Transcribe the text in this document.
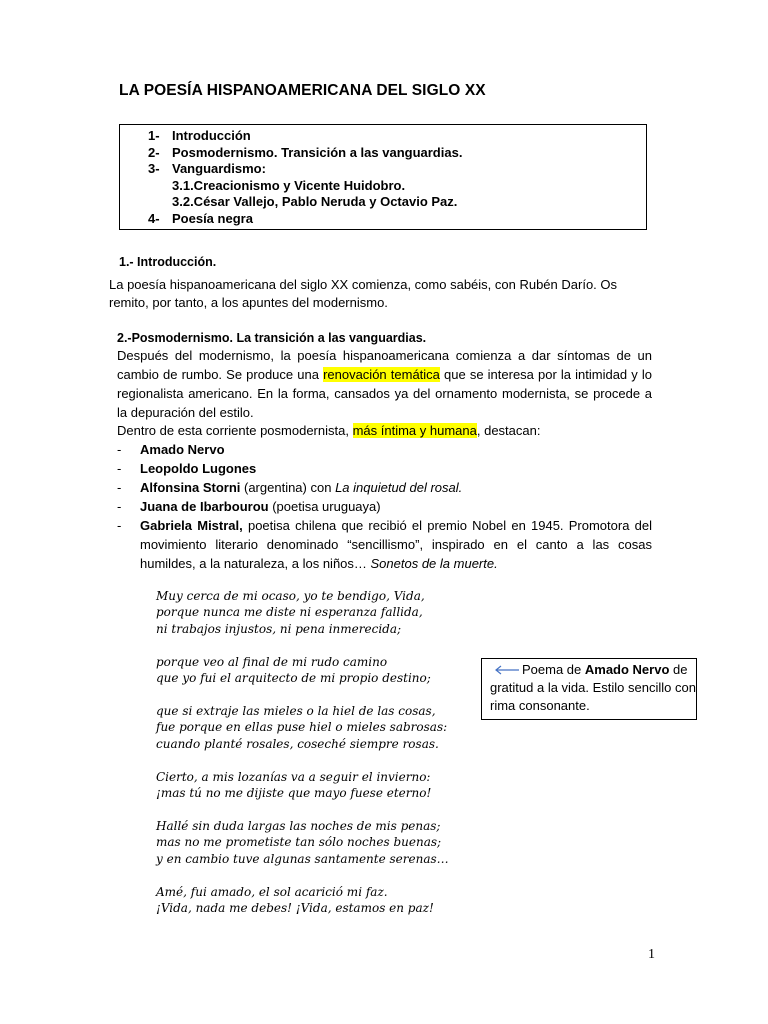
LA POESÍA HISPANOAMERICANA DEL SIGLO XX
1- Introducción
2- Posmodernismo. Transición a las vanguardias.
3- Vanguardismo:
3.1.Creacionismo y Vicente Huidobro.
3.2.César Vallejo, Pablo Neruda y Octavio Paz.
4- Poesía negra
1.- Introducción.
La poesía hispanoamericana del siglo XX comienza, como sabéis, con Rubén Darío. Os remito, por tanto, a los apuntes del modernismo.
2.-Posmodernismo. La transición a las vanguardias.
Después del modernismo, la poesía hispanoamericana comienza a dar síntomas de un cambio de rumbo. Se produce una renovación temática que se interesa por la intimidad y lo regionalista americano. En la forma, cansados ya del ornamento modernista, se procede a la depuración del estilo.
Dentro de esta corriente posmodernista, más íntima y humana, destacan:
- Amado Nervo
- Leopoldo Lugones
- Alfonsina Storni (argentina) con La inquietud del rosal.
- Juana de Ibarbourou (poetisa uruguaya)
- Gabriela Mistral, poetisa chilena que recibió el premio Nobel en 1945. Promotora del movimiento literario denominado “sencillismo”, inspirado en el canto a las cosas humildes, a la naturaleza, a los niños… Sonetos de la muerte.
Muy cerca de mi ocaso, yo te bendigo, Vida,
porque nunca me diste ni esperanza fallida,
ni trabajos injustos, ni pena inmerecida;
porque veo al final de mi rudo camino
que yo fui el arquitecto de mi propio destino;
que si extraje las mieles o la hiel de las cosas,
fue porque en ellas puse hiel o mieles sabrosas:
cuando planté rosales, coseché siempre rosas.
Cierto, a mis lozanías va a seguir el invierno:
¡mas tú no me dijiste que mayo fuese eterno!
Hallé sin duda largas las noches de mis penas;
mas no me prometiste tan sólo noches buenas;
y en cambio tuve algunas santamente serenas…
Amé, fui amado, el sol acarició mi faz.
¡Vida, nada me debes! ¡Vida, estamos en paz!
Poema de Amado Nervo de gratitud a la vida. Estilo sencillo con rima consonante.
1
